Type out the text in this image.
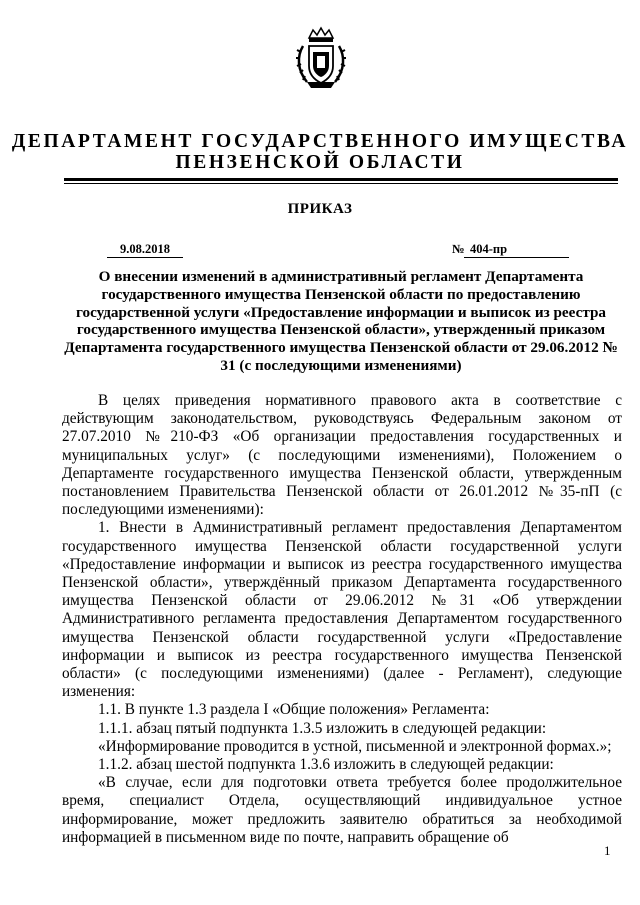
ДЕПАРТАМЕНТ ГОСУДАРСТВЕННОГО ИМУЩЕСТВА
ПЕНЗЕНСКОЙ ОБЛАСТИ
ПРИКАЗ
9.08.2018	№ 404-пр
О внесении изменений в административный регламент Департамента государственного имущества Пензенской области по предоставлению государственной услуги «Предоставление информации и выписок из реестра государственного имущества Пензенской области», утвержденный приказом Департамента государственного имущества Пензенской области от 29.06.2012 № 31 (с последующими изменениями)

В целях приведения нормативного правового акта в соответствие с действующим законодательством, руководствуясь Федеральным законом от 27.07.2010 №210-ФЗ «Об организации предоставления государственных и муниципальных услуг» (с последующими изменениями), Положением о Департаменте государственного имущества Пензенской области, утвержденным постановлением Правительства Пензенской области от 26.01.2012 №35-пП (с последующими изменениями):

1. Внести в Административный регламент предоставления Департаментом государственного имущества Пензенской области государственной услуги «Предоставление информации и выписок из реестра государственного имущества Пензенской области», утверждённый приказом Департамента государственного имущества Пензенской области от 29.06.2012 №31 «Об утверждении Административного регламента предоставления Департаментом государственного имущества Пензенской области государственной услуги «Предоставление информации и выписок из реестра государственного имущества Пензенской области» (с последующими изменениями) (далее - Регламент), следующие изменения:

1.1. В пункте 1.3 раздела I «Общие положения» Регламента:

1.1.1. абзац пятый подпункта 1.3.5 изложить в следующей редакции:

«Информирование проводится в устной, письменной и электронной формах.»;

1.1.2. абзац шестой подпункта 1.3.6 изложить в следующей редакции:

«В случае, если для подготовки ответа требуется более продолжительное время, специалист Отдела, осуществляющий индивидуальное устное информирование, может предложить заявителю обратиться за необходимой информацией в письменном виде по почте, направить обращение об

1
